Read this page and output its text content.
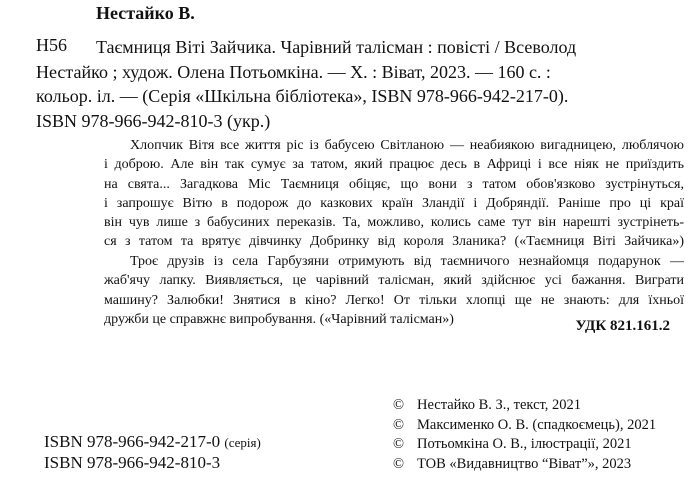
Нестайко В.
Н56	Таємниця Віті Зайчика. Чарівний талісман : повісті / Всеволод
Нестайко ; худож. Олена Потьомкіна. — Х. : Віват, 2023. — 160 с. :
кольор. іл. — (Серія «Шкільна бібліотека», ISBN 978-966-942-217-0).
ISBN 978-966-942-810-3 (укр.)
Хлопчик Вітя все життя ріс із бабусею Світланою — неабиякою вигадницею, люблячою
і доброю. Але він так сумує за татом, який працює десь в Африці і все ніяк не приїздить
на свята... Загадкова Міс Таємниця обіцяє, що вони з татом обов'язково зустрінуться,
і запрошує Вітю в подорож до казкових країн Зландії і Добряндії. Раніше про ці краї
він чув лише з бабусиних переказів. Та, можливо, колись саме тут він нарешті зустрінеть-
ся з татом та врятує дівчинку Добринку від короля Зланика? («Таємниця Віті Зайчика»)
Троє друзів із села Гарбузяни отримують від таємничого незнайомця подарунок —
жаб'ячу лапку. Виявляється, це чарівний талісман, який здійснює усі бажання. Виграти
машину? Залюбки! Знятися в кіно? Легко! От тільки хлопці ще не знають: для їхньої
дружби це справжнє випробування. («Чарівний талісман»)	УДК 821.161.2
ISBN 978-966-942-217-0 (серія)
ISBN 978-966-942-810-3
© Нестайко В. З., текст, 2021
© Максименко О. В. (спадкоємець), 2021
© Потьомкіна О. В., ілюстрації, 2021
© ТОВ «Видавництво “Віват”», 2023
